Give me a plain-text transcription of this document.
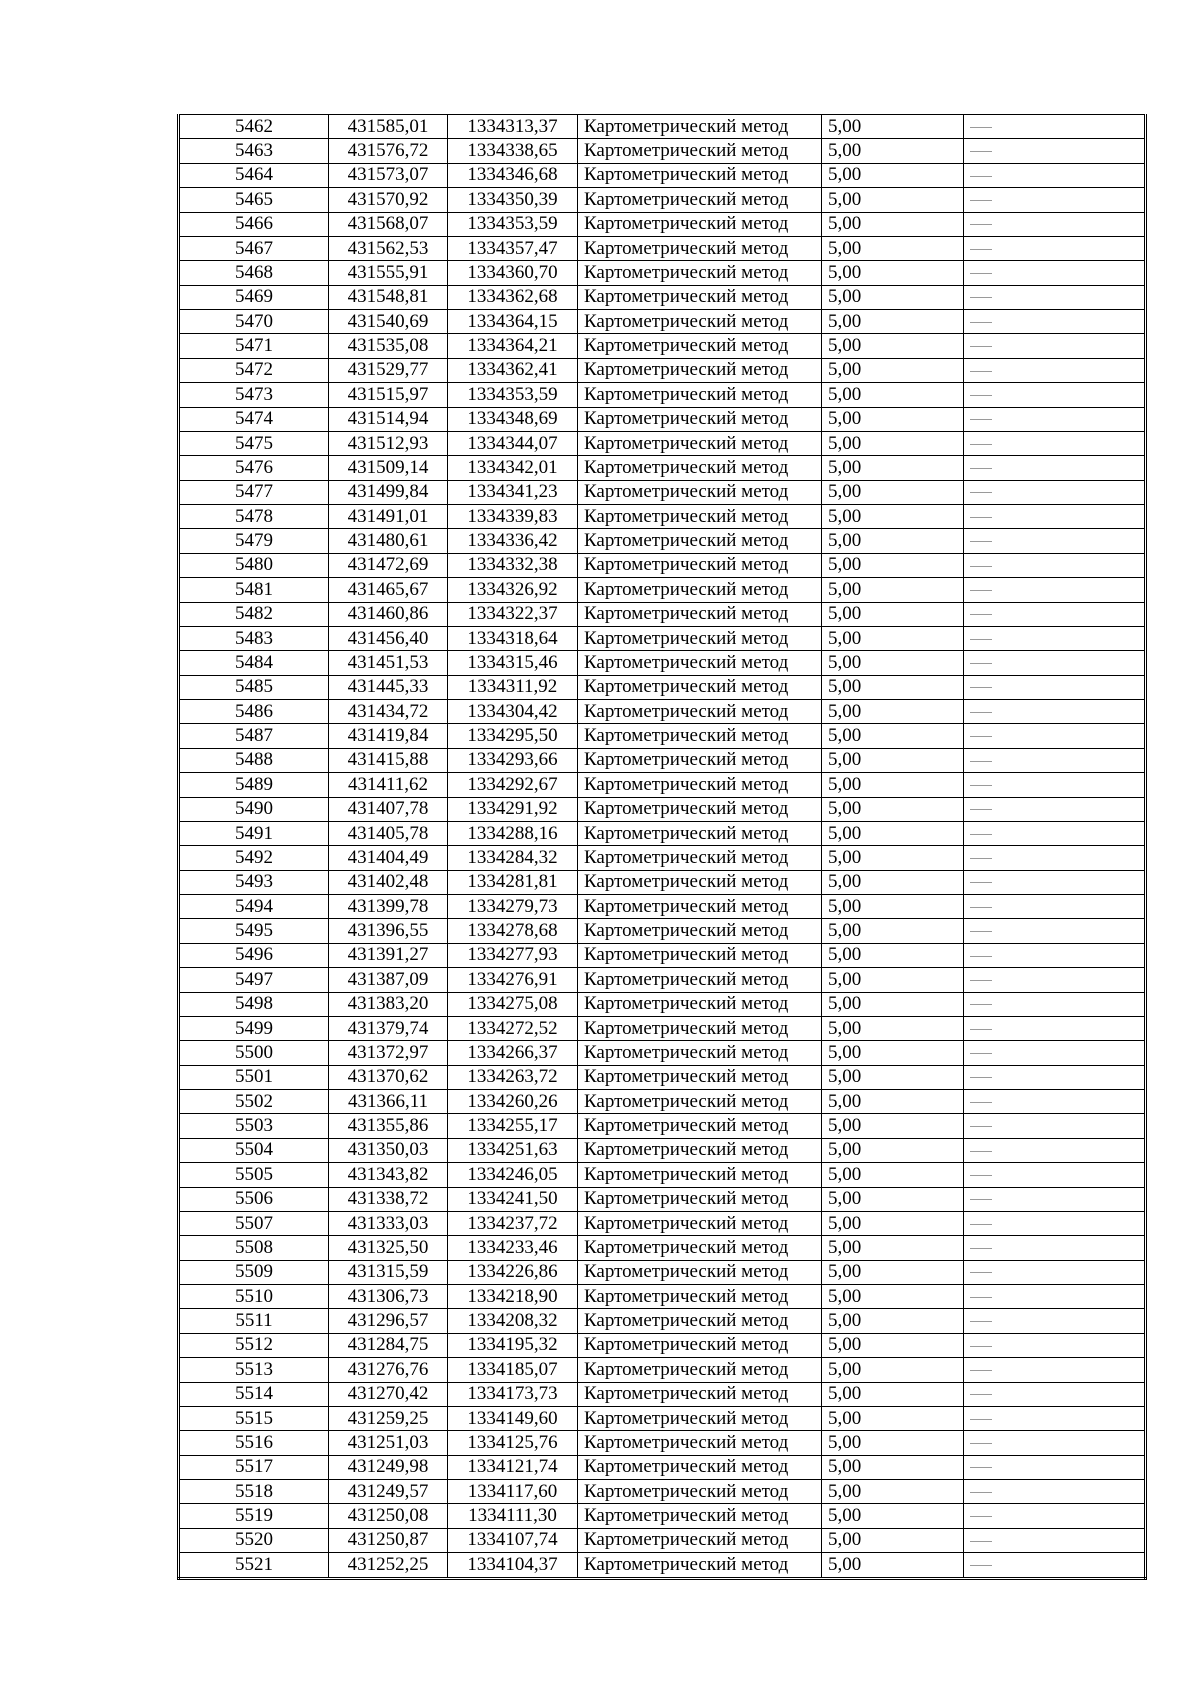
5462	431585,01	1334313,37	Картометрический метод	5,00	
5463	431576,72	1334338,65	Картометрический метод	5,00	
5464	431573,07	1334346,68	Картометрический метод	5,00	
5465	431570,92	1334350,39	Картометрический метод	5,00	
5466	431568,07	1334353,59	Картометрический метод	5,00	
5467	431562,53	1334357,47	Картометрический метод	5,00	
5468	431555,91	1334360,70	Картометрический метод	5,00	
5469	431548,81	1334362,68	Картометрический метод	5,00	
5470	431540,69	1334364,15	Картометрический метод	5,00	
5471	431535,08	1334364,21	Картометрический метод	5,00	
5472	431529,77	1334362,41	Картометрический метод	5,00	
5473	431515,97	1334353,59	Картометрический метод	5,00	
5474	431514,94	1334348,69	Картометрический метод	5,00	
5475	431512,93	1334344,07	Картометрический метод	5,00	
5476	431509,14	1334342,01	Картометрический метод	5,00	
5477	431499,84	1334341,23	Картометрический метод	5,00	
5478	431491,01	1334339,83	Картометрический метод	5,00	
5479	431480,61	1334336,42	Картометрический метод	5,00	
5480	431472,69	1334332,38	Картометрический метод	5,00	
5481	431465,67	1334326,92	Картометрический метод	5,00	
5482	431460,86	1334322,37	Картометрический метод	5,00	
5483	431456,40	1334318,64	Картометрический метод	5,00	
5484	431451,53	1334315,46	Картометрический метод	5,00	
5485	431445,33	1334311,92	Картометрический метод	5,00	
5486	431434,72	1334304,42	Картометрический метод	5,00	
5487	431419,84	1334295,50	Картометрический метод	5,00	
5488	431415,88	1334293,66	Картометрический метод	5,00	
5489	431411,62	1334292,67	Картометрический метод	5,00	
5490	431407,78	1334291,92	Картометрический метод	5,00	
5491	431405,78	1334288,16	Картометрический метод	5,00	
5492	431404,49	1334284,32	Картометрический метод	5,00	
5493	431402,48	1334281,81	Картометрический метод	5,00	
5494	431399,78	1334279,73	Картометрический метод	5,00	
5495	431396,55	1334278,68	Картометрический метод	5,00	
5496	431391,27	1334277,93	Картометрический метод	5,00	
5497	431387,09	1334276,91	Картометрический метод	5,00	
5498	431383,20	1334275,08	Картометрический метод	5,00	
5499	431379,74	1334272,52	Картометрический метод	5,00	
5500	431372,97	1334266,37	Картометрический метод	5,00	
5501	431370,62	1334263,72	Картометрический метод	5,00	
5502	431366,11	1334260,26	Картометрический метод	5,00	
5503	431355,86	1334255,17	Картометрический метод	5,00	
5504	431350,03	1334251,63	Картометрический метод	5,00	
5505	431343,82	1334246,05	Картометрический метод	5,00	
5506	431338,72	1334241,50	Картометрический метод	5,00	
5507	431333,03	1334237,72	Картометрический метод	5,00	
5508	431325,50	1334233,46	Картометрический метод	5,00	
5509	431315,59	1334226,86	Картометрический метод	5,00	
5510	431306,73	1334218,90	Картометрический метод	5,00	
5511	431296,57	1334208,32	Картометрический метод	5,00	
5512	431284,75	1334195,32	Картометрический метод	5,00	
5513	431276,76	1334185,07	Картометрический метод	5,00	
5514	431270,42	1334173,73	Картометрический метод	5,00	
5515	431259,25	1334149,60	Картометрический метод	5,00	
5516	431251,03	1334125,76	Картометрический метод	5,00	
5517	431249,98	1334121,74	Картометрический метод	5,00	
5518	431249,57	1334117,60	Картометрический метод	5,00	
5519	431250,08	1334111,30	Картометрический метод	5,00	
5520	431250,87	1334107,74	Картометрический метод	5,00	
5521	431252,25	1334104,37	Картометрический метод	5,00	
